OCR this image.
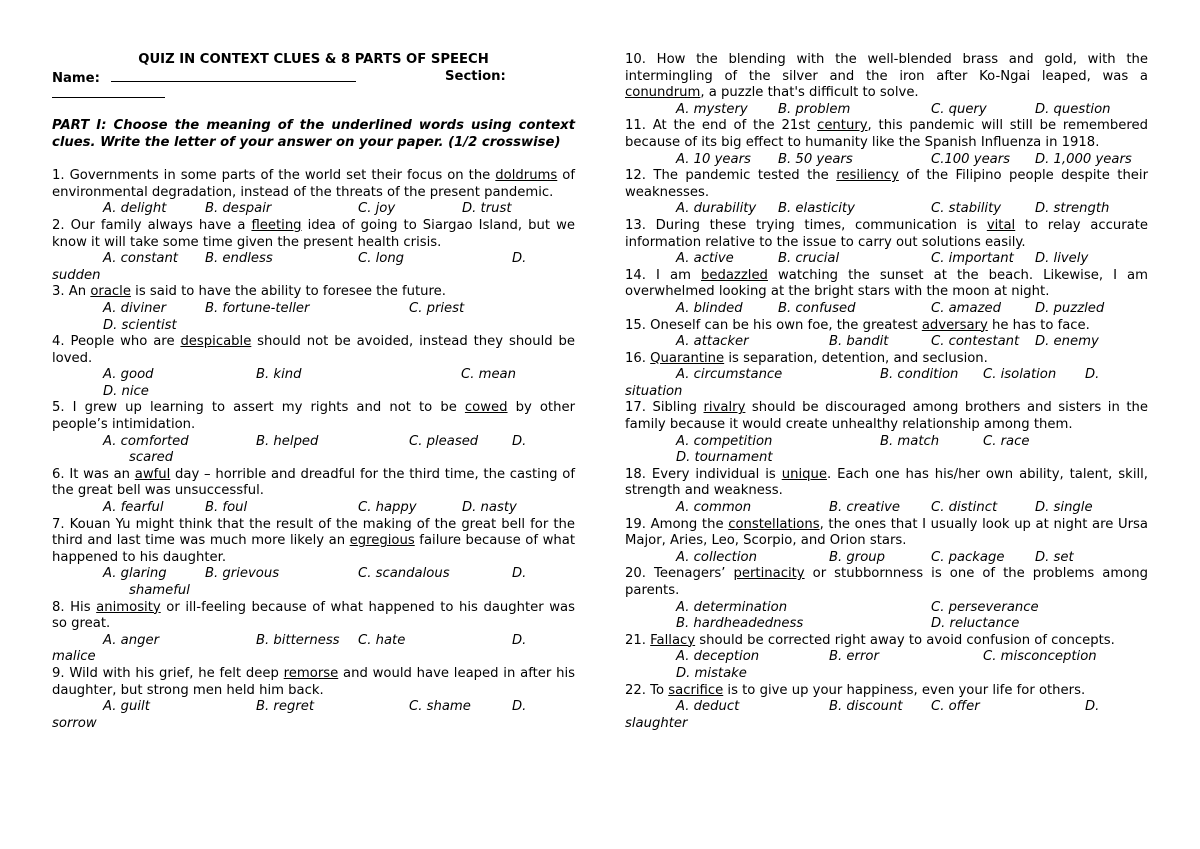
QUIZ IN CONTEXT CLUES & 8 PARTS OF SPEECH
Name:	Section:
PART I: Choose the meaning of the underlined words using context clues. Write the letter of your answer on your paper. (1/2 crosswise)
1. Governments in some parts of the world set their focus on the doldrums of environmental degradation, instead of the threats of the present pandemic.
A. delight	B. despair	C. joy	D. trust
2. Our family always have a fleeting idea of going to Siargao Island, but we know it will take some time given the present health crisis.
A. constant B. endless	C. long	D.
sudden
3. An oracle is said to have the ability to foresee the future.
A. diviner	B. fortune-teller	C. priest
D. scientist
4. People who are despicable should not be avoided, instead they should be loved.
A. good	B. kind	C. mean
D. nice
5. I grew up learning to assert my rights and not to be cowed by other people’s intimidation.
A. comforted	B. helped	C. pleased	D.
scared
6. It was an awful day – horrible and dreadful for the third time, the casting of the great bell was unsuccessful.
A. fearful	B. foul	C. happy	D. nasty
7. Kouan Yu might think that the result of the making of the great bell for the third and last time was much more likely an egregious failure because of what happened to his daughter.
A. glaring	B. grievous	C. scandalous	D.
shameful
8. His animosity or ill-feeling because of what happened to his daughter was so great.
A. anger	B. bitterness C. hate	D.
malice
9. Wild with his grief, he felt deep remorse and would have leaped in after his daughter, but strong men held him back.
A. guilt	B. regret	C. shame	D.
sorrow
10. How the blending with the well-blended brass and gold, with the intermingling of the silver and the iron after Ko-Ngai leaped, was a conundrum, a puzzle that's difficult to solve.
A. mystery B. problem	C. query	D. question
11. At the end of the 21st century, this pandemic will still be remembered because of its big effect to humanity like the Spanish Influenza in 1918.
A. 10 years B. 50 years	C.100 years D. 1,000 years
12. The pandemic tested the resiliency of the Filipino people despite their weaknesses.
A. durability B. elasticity	C. stability	D. strength
13. During these trying times, communication is vital to relay accurate information relative to the issue to carry out solutions easily.
A. active	B. crucial	C. important D. lively
14. I am bedazzled watching the sunset at the beach. Likewise, I am overwhelmed looking at the bright stars with the moon at night.
A. blinded	B. confused	C. amazed	D. puzzled
15. Oneself can be his own foe, the greatest adversary he has to face.
A. attacker	B. bandit	C. contestant D. enemy
16. Quarantine is separation, detention, and seclusion.
A. circumstance	B. condition C. isolation D.
situation
17. Sibling rivalry should be discouraged among brothers and sisters in the family because it would create unhealthy relationship among them.
A. competition	B. match	C. race
D. tournament
18. Every individual is unique. Each one has his/her own ability, talent, skill, strength and weakness.
A. common	B. creative C. distinct	D. single
19. Among the constellations, the ones that I usually look up at night are Ursa Major, Aries, Leo, Scorpio, and Orion stars.
A. collection	B. group	C. package D. set
20. Teenagers’ pertinacity or stubbornness is one of the problems among parents.
A. determination	C. perseverance
B. hardheadedness	D. reluctance
21. Fallacy should be corrected right away to avoid confusion of concepts.
A. deception	B. error	C. misconception
D. mistake
22. To sacrifice is to give up your happiness, even your life for others.
A. deduct	B. discount C. offer	D.
slaughter
